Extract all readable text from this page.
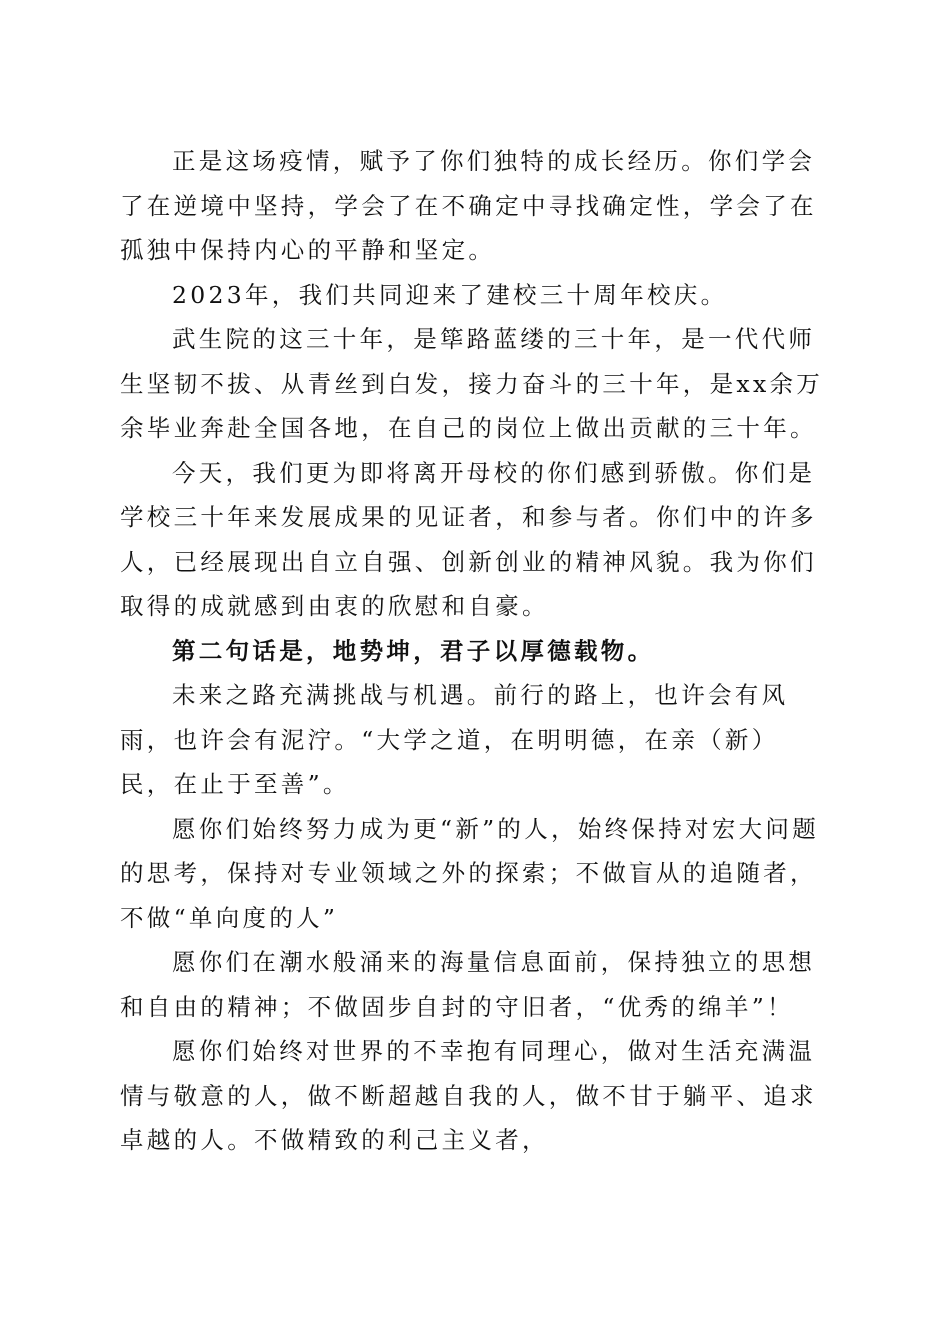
正是这场疫情，赋予了你们独特的成长经历。你们学会了在逆境中坚持，学会了在不确定中寻找确定性，学会了在孤独中保持内心的平静和坚定。

2023年，我们共同迎来了建校三十周年校庆。

武生院的这三十年，是筚路蓝缕的三十年，是一代代师生坚韧不拔、从青丝到白发，接力奋斗的三十年，是xx余万余毕业奔赴全国各地，在自己的岗位上做出贡献的三十年。

今天，我们更为即将离开母校的你们感到骄傲。你们是学校三十年来发展成果的见证者，和参与者。你们中的许多人，已经展现出自立自强、创新创业的精神风貌。我为你们取得的成就感到由衷的欣慰和自豪。

第二句话是，地势坤，君子以厚德载物。

未来之路充满挑战与机遇。前行的路上，也许会有风雨，也许会有泥泞。“大学之道，在明明德，在亲（新）民，在止于至善”。

愿你们始终努力成为更“新”的人，始终保持对宏大问题的思考，保持对专业领域之外的探索；不做盲从的追随者，不做“单向度的人”

愿你们在潮水般涌来的海量信息面前，保持独立的思想和自由的精神；不做固步自封的守旧者，“优秀的绵羊”！

愿你们始终对世界的不幸抱有同理心，做对生活充满温情与敬意的人，做不断超越自我的人，做不甘于躺平、追求卓越的人。不做精致的利己主义者，
